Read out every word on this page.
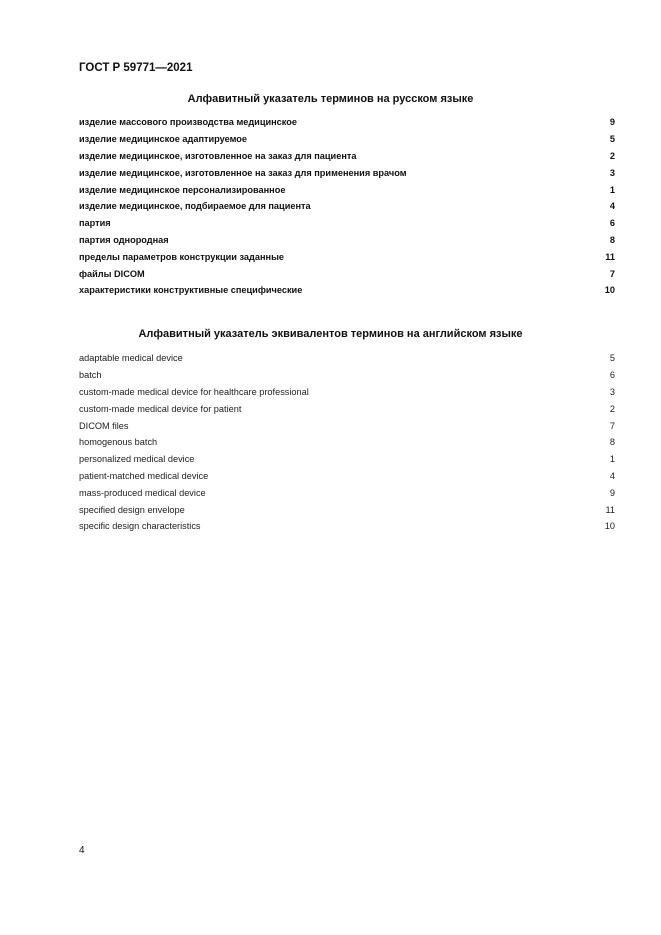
ГОСТ Р 59771—2021
Алфавитный указатель терминов на русском языке
изделие массового производства медицинское	9
изделие медицинское адаптируемое	5
изделие медицинское, изготовленное на заказ для пациента	2
изделие медицинское, изготовленное на заказ для применения врачом	3
изделие медицинское персонализированное	1
изделие медицинское, подбираемое для пациента	4
партия	6
партия однородная	8
пределы параметров конструкции заданные	11
файлы DICOM	7
характеристики конструктивные специфические	10
Алфавитный указатель эквивалентов терминов на английском языке
adaptable medical device	5
batch	6
custom-made medical device for healthcare professional	3
custom-made medical device for patient	2
DICOM files	7
homogenous batch	8
personalized medical device	1
patient-matched medical device	4
mass-produced medical device	9
specified design envelope	11
specific design characteristics	10
4
